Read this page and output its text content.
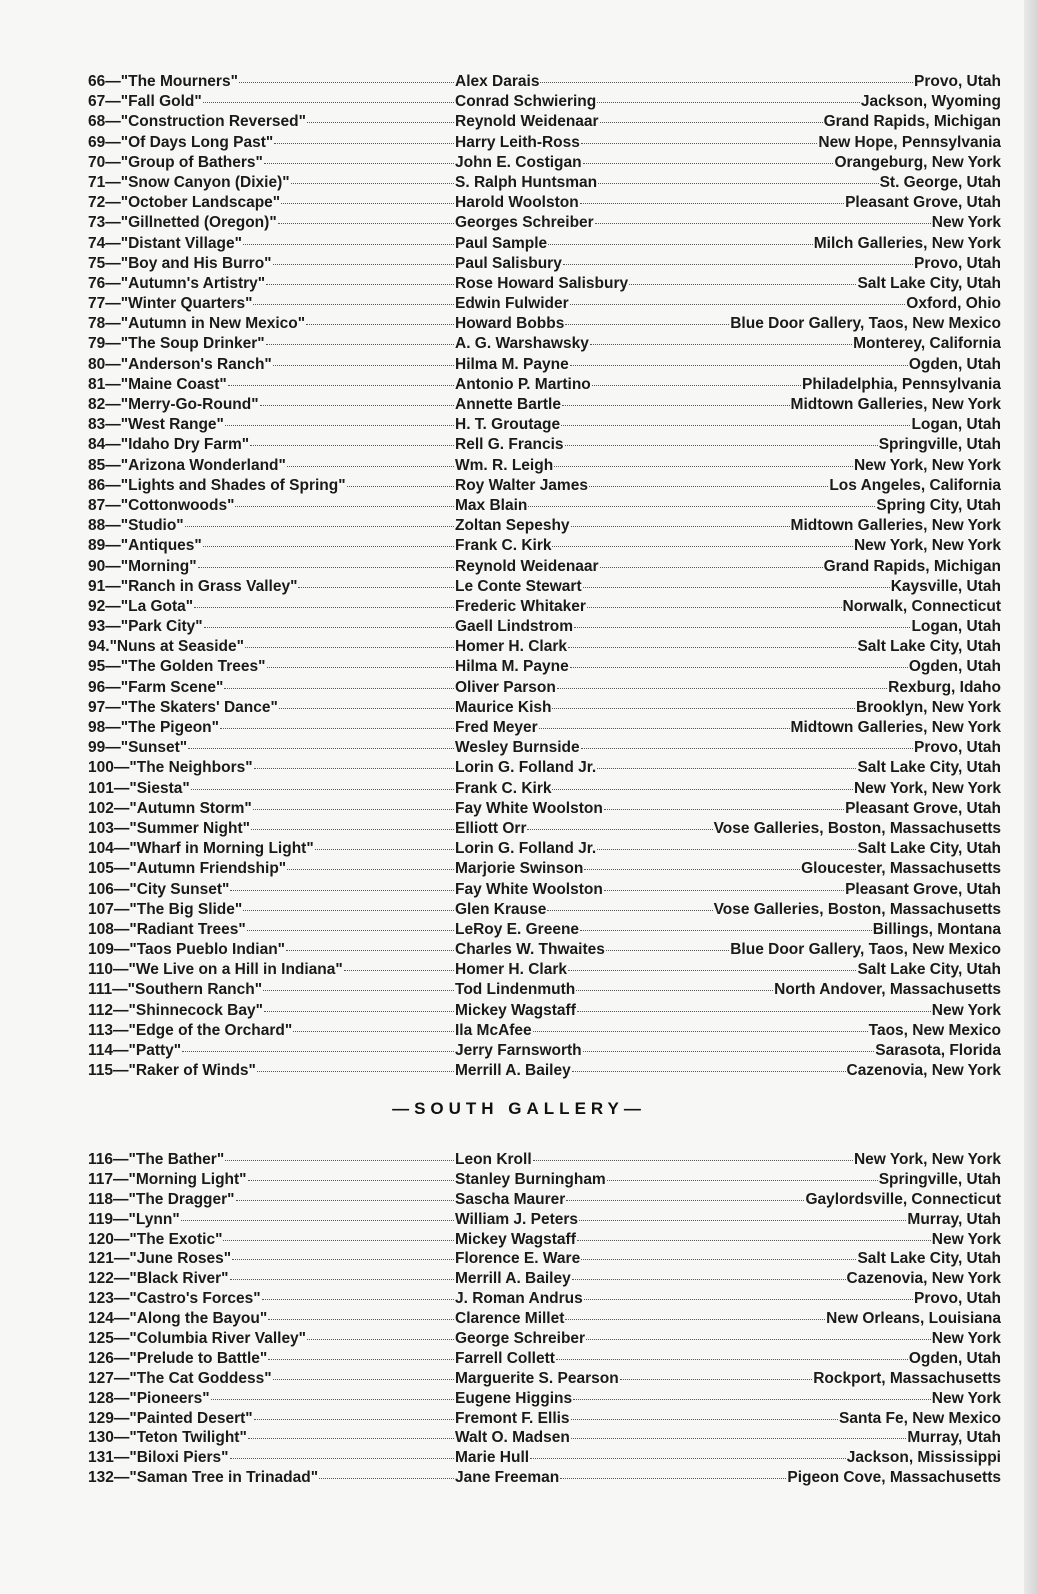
66— "The Mourners"	Alex Darais	Provo, Utah
67— "Fall Gold"	Conrad Schwiering	Jackson, Wyoming
68— "Construction Reversed"	Reynold Weidenaar	Grand Rapids, Michigan
69— "Of Days Long Past"	Harry Leith-Ross	New Hope, Pennsylvania
70— "Group of Bathers"	John E. Costigan	Orangeburg, New York
71— "Snow Canyon (Dixie)"	S. Ralph Huntsman	St. George, Utah
72— "October Landscape"	Harold Woolston	Pleasant Grove, Utah
73— "Gillnetted (Oregon)"	Georges Schreiber	New York
74— "Distant Village"	Paul Sample	Milch Galleries, New York
75— "Boy and His Burro"	Paul Salisbury	Provo, Utah
76— "Autumn's Artistry"	Rose Howard Salisbury	Salt Lake City, Utah
77— "Winter Quarters"	Edwin Fulwider	Oxford, Ohio
78— "Autumn in New Mexico"	Howard Bobbs	Blue Door Gallery, Taos, New Mexico
79— "The Soup Drinker"	A. G. Warshawsky	Monterey, California
80— "Anderson's Ranch"	Hilma M. Payne	Ogden, Utah
81— "Maine Coast"	Antonio P. Martino	Philadelphia, Pennsylvania
82— "Merry-Go-Round"	Annette Bartle	Midtown Galleries, New York
83— "West Range"	H. T. Groutage	Logan, Utah
84— "Idaho Dry Farm"	Rell G. Francis	Springville, Utah
85— "Arizona Wonderland"	Wm. R. Leigh	New York, New York
86— "Lights and Shades of Spring"	Roy Walter James	Los Angeles, California
87— "Cottonwoods"	Max Blain	Spring City, Utah
88— "Studio"	Zoltan Sepeshy	Midtown Galleries, New York
89— "Antiques"	Frank C. Kirk	New York, New York
90— "Morning"	Reynold Weidenaar	Grand Rapids, Michigan
91— "Ranch in Grass Valley"	Le Conte Stewart	Kaysville, Utah
92— "La Gota"	Frederic Whitaker	Norwalk, Connecticut
93— "Park City"	Gaell Lindstrom	Logan, Utah
94. "Nuns at Seaside"	Homer H. Clark	Salt Lake City, Utah
95— "The Golden Trees"	Hilma M. Payne	Ogden, Utah
96— "Farm Scene"	Oliver Parson	Rexburg, Idaho
97— "The Skaters' Dance"	Maurice Kish	Brooklyn, New York
98— "The Pigeon"	Fred Meyer	Midtown Galleries, New York
99— "Sunset"	Wesley Burnside	Provo, Utah
100— "The Neighbors"	Lorin G. Folland Jr.	Salt Lake City, Utah
101— "Siesta"	Frank C. Kirk	New York, New York
102— "Autumn Storm"	Fay White Woolston	Pleasant Grove, Utah
103— "Summer Night"	Elliott Orr	Vose Galleries, Boston, Massachusetts
104— "Wharf in Morning Light"	Lorin G. Folland Jr.	Salt Lake City, Utah
105— "Autumn Friendship"	Marjorie Swinson	Gloucester, Massachusetts
106— "City Sunset"	Fay White Woolston	Pleasant Grove, Utah
107— "The Big Slide"	Glen Krause	Vose Galleries, Boston, Massachusetts
108— "Radiant Trees"	LeRoy E. Greene	Billings, Montana
109— "Taos Pueblo Indian"	Charles W. Thwaites	Blue Door Gallery, Taos, New Mexico
110— "We Live on a Hill in Indiana"	Homer H. Clark	Salt Lake City, Utah
111— "Southern Ranch"	Tod Lindenmuth	North Andover, Massachusetts
112— "Shinnecock Bay"	Mickey Wagstaff	New York
113— "Edge of the Orchard"	Ila McAfee	Taos, New Mexico
114— "Patty"	Jerry Farnsworth	Sarasota, Florida
115— "Raker of Winds"	Merrill A. Bailey	Cazenovia, New York
—SOUTH GALLERY—
116— "The Bather"	Leon Kroll	New York, New York
117— "Morning Light"	Stanley Burningham	Springville, Utah
118— "The Dragger"	Sascha Maurer	Gaylordsville, Connecticut
119— "Lynn"	William J. Peters	Murray, Utah
120— "The Exotic"	Mickey Wagstaff	New York
121— "June Roses"	Florence E. Ware	Salt Lake City, Utah
122— "Black River"	Merrill A. Bailey	Cazenovia, New York
123— "Castro's Forces"	J. Roman Andrus	Provo, Utah
124— "Along the Bayou"	Clarence Millet	New Orleans, Louisiana
125— "Columbia River Valley"	George Schreiber	New York
126— "Prelude to Battle"	Farrell Collett	Ogden, Utah
127— "The Cat Goddess"	Marguerite S. Pearson	Rockport, Massachusetts
128— "Pioneers"	Eugene Higgins	New York
129— "Painted Desert"	Fremont F. Ellis	Santa Fe, New Mexico
130— "Teton Twilight"	Walt O. Madsen	Murray, Utah
131— "Biloxi Piers"	Marie Hull	Jackson, Mississippi
132— "Saman Tree in Trinadad"	Jane Freeman	Pigeon Cove, Massachusetts
